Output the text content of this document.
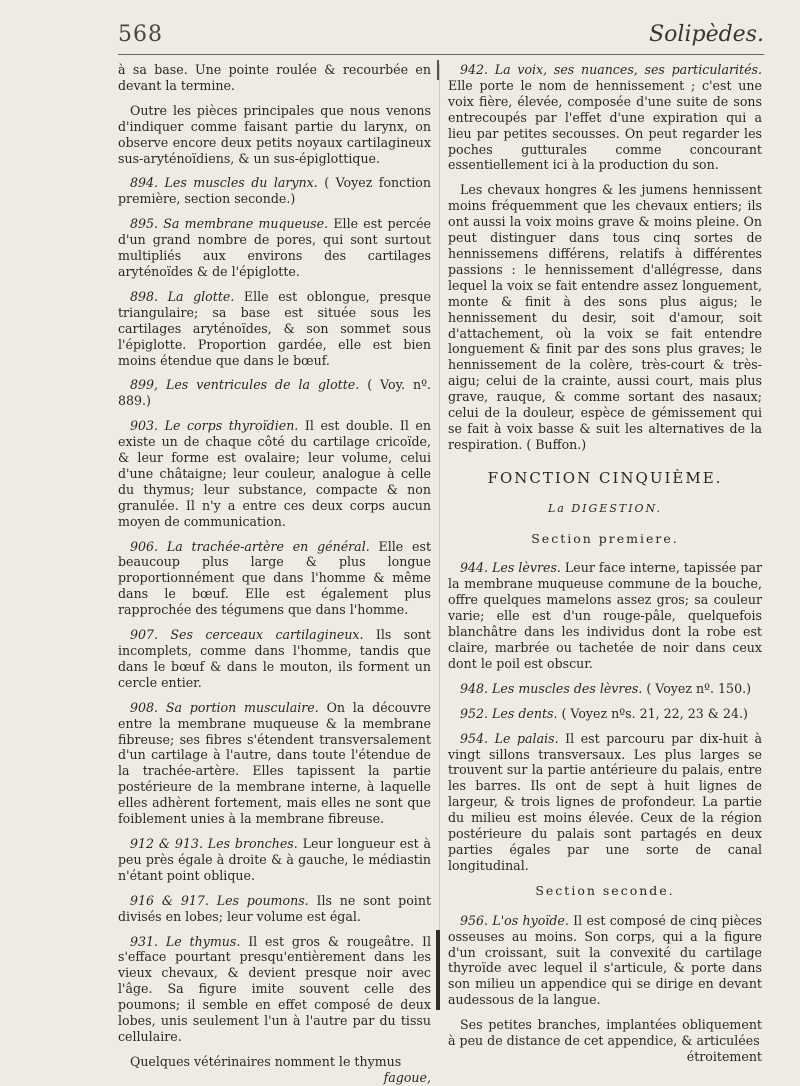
568	Solipèdes.

à sa base. Une pointe roulée & recourbée en devant la termine.

Outre les pièces principales que nous venons d'indiquer comme faisant partie du larynx, on observe encore deux petits noyaux cartilagineux sus-aryténoïdiens, & un sus-épiglottique.

894. Les muscles du larynx. ( Voyez fonction première, section seconde.)

895. Sa membrane muqueuse. Elle est percée d'un grand nombre de pores, qui sont surtout multipliés aux environs des cartilages aryténoïdes & de l'épiglotte.

898. La glotte. Elle est oblongue, presque triangulaire; sa base est située sous les cartilages aryténoïdes, & son sommet sous l'épiglotte. Proportion gardée, elle est bien moins étendue que dans le bœuf.

899, Les ventricules de la glotte. ( Voy. nº. 889.)

903. Le corps thyroïdien. Il est double. Il en existe un de chaque côté du cartilage cricoïde, & leur forme est ovalaire; leur volume, celui d'une châtaigne; leur couleur, analogue à celle du thymus; leur substance, compacte & non granulée. Il n'y a entre ces deux corps aucun moyen de communication.

906. La trachée-artère en général. Elle est beaucoup plus large & plus longue proportionnément que dans l'homme & même dans le bœuf. Elle est également plus rapprochée des tégumens que dans l'homme.

907. Ses cerceaux cartilagineux. Ils sont incomplets, comme dans l'homme, tandis que dans le bœuf & dans le mouton, ils forment un cercle entier.

908. Sa portion musculaire. On la découvre entre la membrane muqueuse & la membrane fibreuse; ses fibres s'étendent transversalement d'un cartilage à l'autre, dans toute l'étendue de la trachée-artère. Elles tapissent la partie postérieure de la membrane interne, à laquelle elles adhèrent fortement, mais elles ne sont que foiblement unies à la membrane fibreuse.

912 & 913. Les bronches. Leur longueur est à peu près égale à droite & à gauche, le médiastin n'étant point oblique.

916 & 917. Les poumons. Ils ne sont point divisés en lobes; leur volume est égal.

931. Le thymus. Il est gros & rougeâtre. Il s'efface pourtant presqu'entièrement dans les vieux chevaux, & devient presque noir avec l'âge. Sa figure imite souvent celle des poumons; il semble en effet composé de deux lobes, unis seulement l'un à l'autre par du tissu cellulaire.

Quelques vétérinaires nomment le thymus

fagoue,

942. La voix, ses nuances, ses particularités. Elle porte le nom de hennissement ; c'est une voix fière, élevée, composée d'une suite de sons entrecoupés par l'effet d'une expiration qui a lieu par petites secousses. On peut regarder les poches gutturales comme concourant essentiellement ici à la production du son.

Les chevaux hongres & les jumens hennissent moins fréquemment que les chevaux entiers; ils ont aussi la voix moins grave & moins pleine. On peut distinguer dans tous cinq sortes de hennissemens différens, relatifs à différentes passions : le hennissement d'allégresse, dans lequel la voix se fait entendre assez longuement, monte & finit à des sons plus aigus; le hennissement du desir, soit d'amour, soit d'attachement, où la voix se fait entendre longuement & finit par des sons plus graves; le hennissement de la colère, très-court & très-aigu; celui de la crainte, aussi court, mais plus grave, rauque, & comme sortant des nasaux; celui de la douleur, espèce de gémissement qui se fait à voix basse & suit les alternatives de la respiration. ( Buffon.)

FONCTION CINQUIÈME.
La DIGESTION.
Section premiere.

944. Les lèvres. Leur face interne, tapissée par la membrane muqueuse commune de la bouche, offre quelques mamelons assez gros; sa couleur varie; elle est d'un rouge-pâle, quelquefois blanchâtre dans les individus dont la robe est claire, marbrée ou tachetée de noir dans ceux dont le poil est obscur.

948. Les muscles des lèvres. ( Voyez nº. 150.)

952. Les dents. ( Voyez nºs. 21, 22, 23 & 24.)

954. Le palais. Il est parcouru par dix-huit à vingt sillons transversaux. Les plus larges se trouvent sur la partie antérieure du palais, entre les barres. Ils ont de sept à huit lignes de largeur, & trois lignes de profondeur. La partie du milieu est moins élevée. Ceux de la région postérieure du palais sont partagés en deux parties égales par une sorte de canal longitudinal.

Section seconde.

956. L'os hyoïde. Il est composé de cinq pièces osseuses au moins. Son corps, qui a la figure d'un croissant, suit la convexité du cartilage thyroïde avec lequel il s'articule, & porte dans son milieu un appendice qui se dirige en devant audessous de la langue.

Ses petites branches, implantées obliquement à peu de distance de cet appendice, & articulées

étroitement
